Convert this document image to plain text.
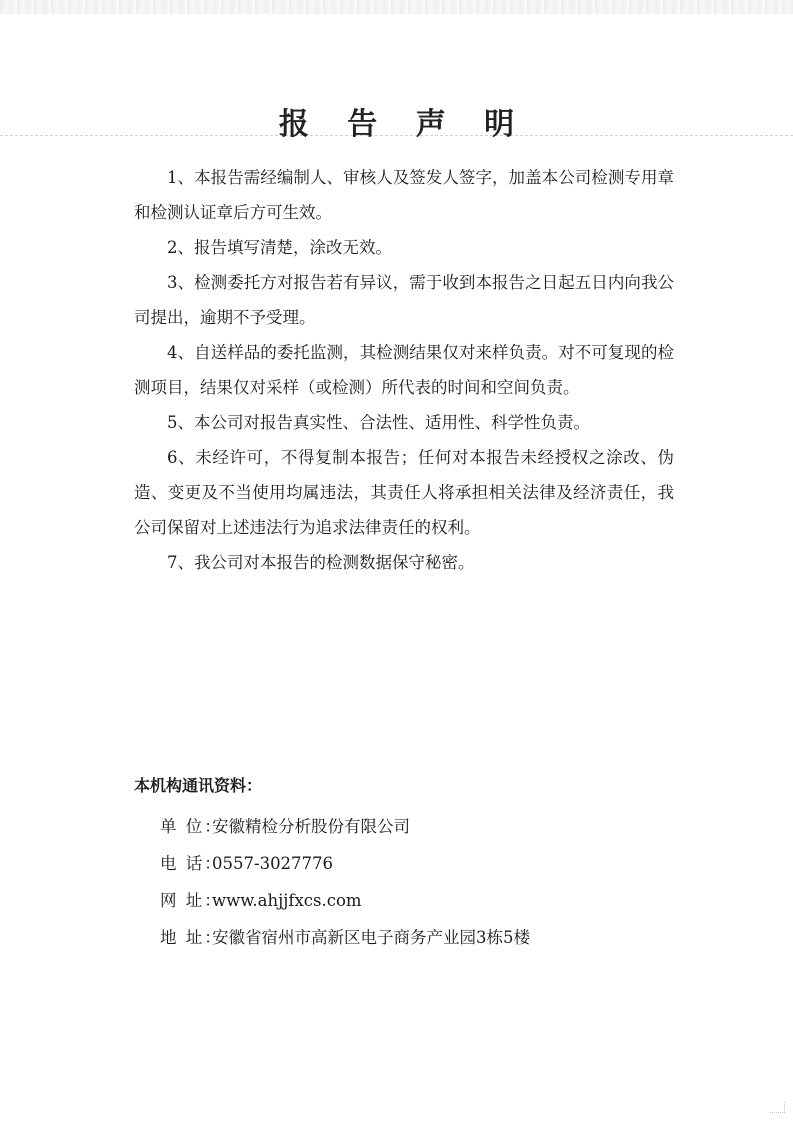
报 告 声 明

1、本报告需经编制人、审核人及签发人签字，加盖本公司检测专用章和检测认证章后方可生效。

2、报告填写清楚，涂改无效。

3、检测委托方对报告若有异议，需于收到本报告之日起五日内向我公司提出，逾期不予受理。

4、自送样品的委托监测，其检测结果仅对来样负责。对不可复现的检测项目，结果仅对采样（或检测）所代表的时间和空间负责。

5、本公司对报告真实性、合法性、适用性、科学性负责。

6、未经许可，不得复制本报告；任何对本报告未经授权之涂改、伪造、变更及不当使用均属违法，其责任人将承担相关法律及经济责任，我公司保留对上述违法行为追求法律责任的权利。

7、我公司对本报告的检测数据保守秘密。

本机构通讯资料：
单 位：
安徽精检分析股份有限公司
电 话：
0557-3027776
网 址：
www.ahjjfxcs.com
地 址：
安徽省宿州市高新区电子商务产业园3栋5楼
